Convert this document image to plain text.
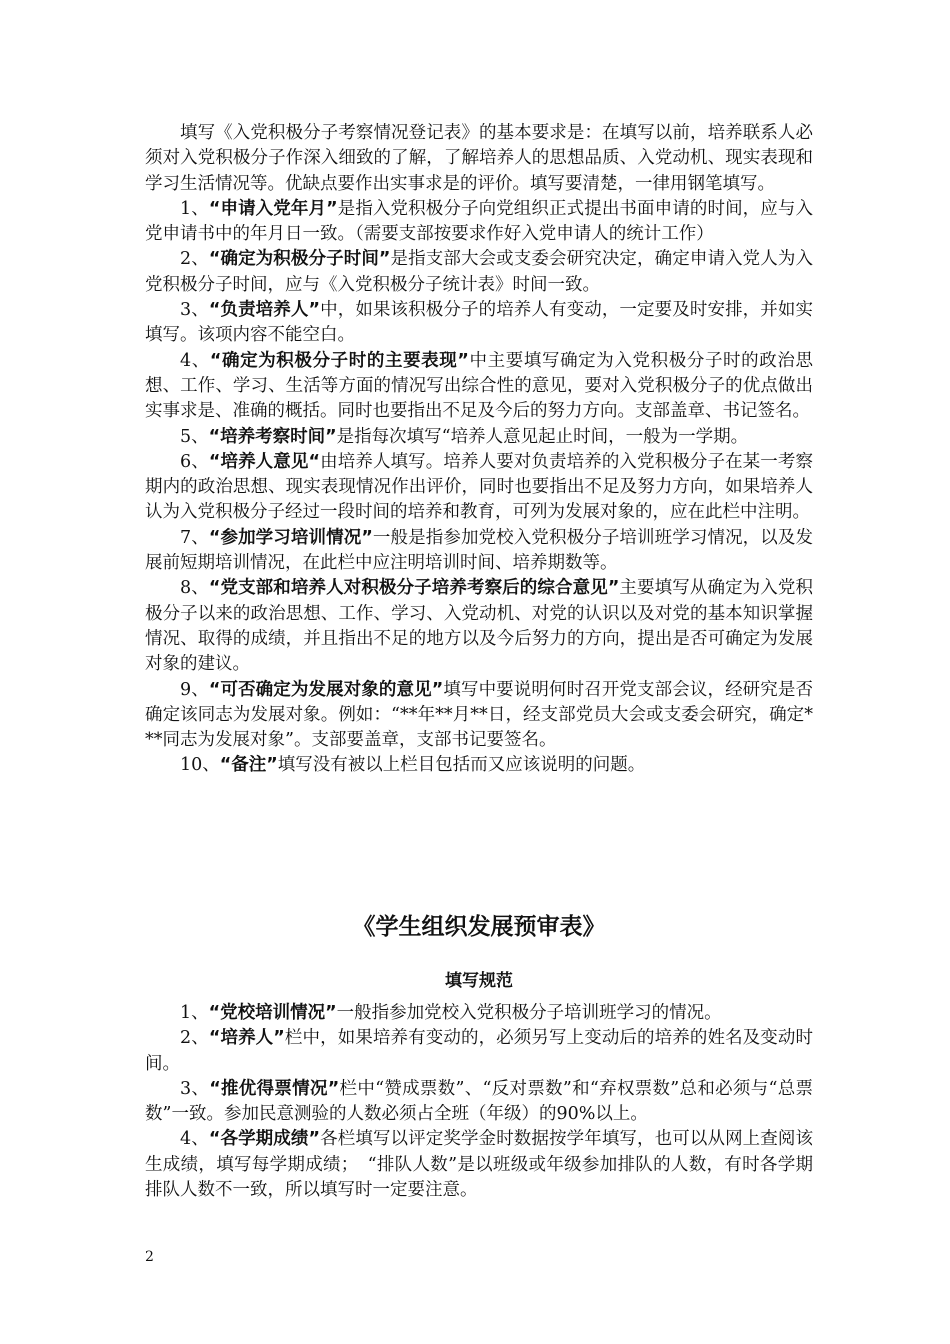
填写《入党积极分子考察情况登记表》的基本要求是：在填写以前，培养联系人必须对入党积极分子作深入细致的了解，了解培养人的思想品质、入党动机、现实表现和学习生活情况等。优缺点要作出实事求是的评价。填写要清楚，一律用钢笔填写。

1、“申请入党年月”是指入党积极分子向党组织正式提出书面申请的时间，应与入党申请书中的年月日一致。（需要支部按要求作好入党申请人的统计工作）

2、“确定为积极分子时间”是指支部大会或支委会研究决定，确定申请入党人为入党积极分子时间，应与《入党积极分子统计表》时间一致。

3、“负责培养人”中，如果该积极分子的培养人有变动，一定要及时安排，并如实填写。该项内容不能空白。

4、“确定为积极分子时的主要表现”中主要填写确定为入党积极分子时的政治思想、工作、学习、生活等方面的情况写出综合性的意见，要对入党积极分子的优点做出实事求是、准确的概括。同时也要指出不足及今后的努力方向。支部盖章、书记签名。

5、“培养考察时间”是指每次填写“培养人意见起止时间，一般为一学期。

6、“培养人意见“由培养人填写。培养人要对负责培养的入党积极分子在某一考察期内的政治思想、现实表现情况作出评价，同时也要指出不足及努力方向，如果培养人认为入党积极分子经过一段时间的培养和教育，可列为发展对象的，应在此栏中注明。

7、“参加学习培训情况”一般是指参加党校入党积极分子培训班学习情况，以及发展前短期培训情况，在此栏中应注明培训时间、培养期数等。

8、“党支部和培养人对积极分子培养考察后的综合意见”主要填写从确定为入党积极分子以来的政治思想、工作、学习、入党动机、对党的认识以及对党的基本知识掌握情况、取得的成绩，并且指出不足的地方以及今后努力的方向，提出是否可确定为发展对象的建议。

9、“可否确定为发展对象的意见”填写中要说明何时召开党支部会议，经研究是否确定该同志为发展对象。例如：“**年**月**日，经支部党员大会或支委会研究，确定***同志为发展对象”。支部要盖章，支部书记要签名。

10、“备注”填写没有被以上栏目包括而又应该说明的问题。

《学生组织发展预审表》
填写规范

1、“党校培训情况”一般指参加党校入党积极分子培训班学习的情况。

2、“培养人”栏中，如果培养有变动的，必须另写上变动后的培养的姓名及变动时间。

3、“推优得票情况”栏中“赞成票数”、“反对票数”和“弃权票数”总和必须与“总票数”一致。参加民意测验的人数必须占全班（年级）的90%以上。

4、“各学期成绩”各栏填写以评定奖学金时数据按学年填写，也可以从网上查阅该生成绩，填写每学期成绩；　“排队人数”是以班级或年级参加排队的人数，有时各学期排队人数不一致，所以填写时一定要注意。

2
